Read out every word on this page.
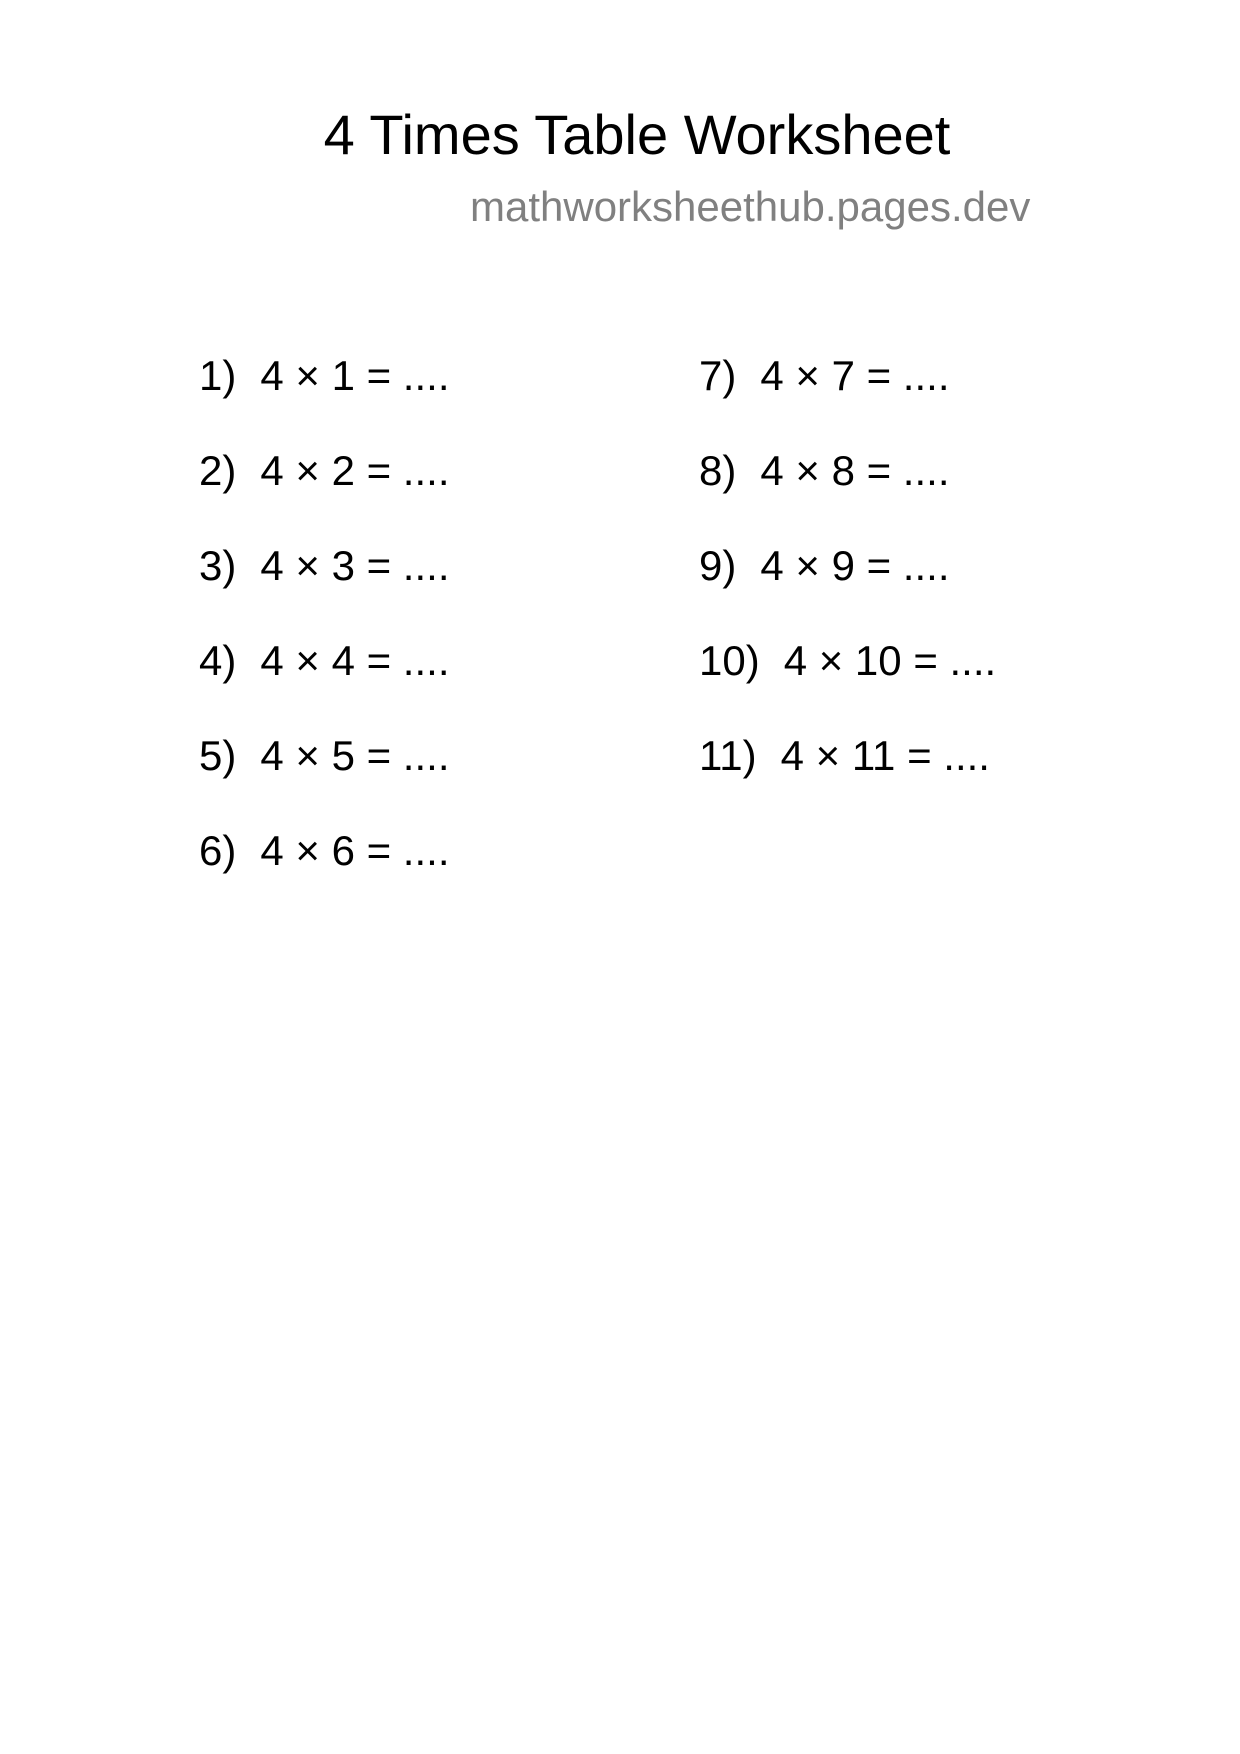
4 Times Table Worksheet
mathworksheethub.pages.dev
1) 4 × 1 = ....
2) 4 × 2 = ....
3) 4 × 3 = ....
4) 4 × 4 = ....
5) 4 × 5 = ....
6) 4 × 6 = ....
7) 4 × 7 = ....
8) 4 × 8 = ....
9) 4 × 9 = ....
10) 4 × 10 = ....
11) 4 × 11 = ....
